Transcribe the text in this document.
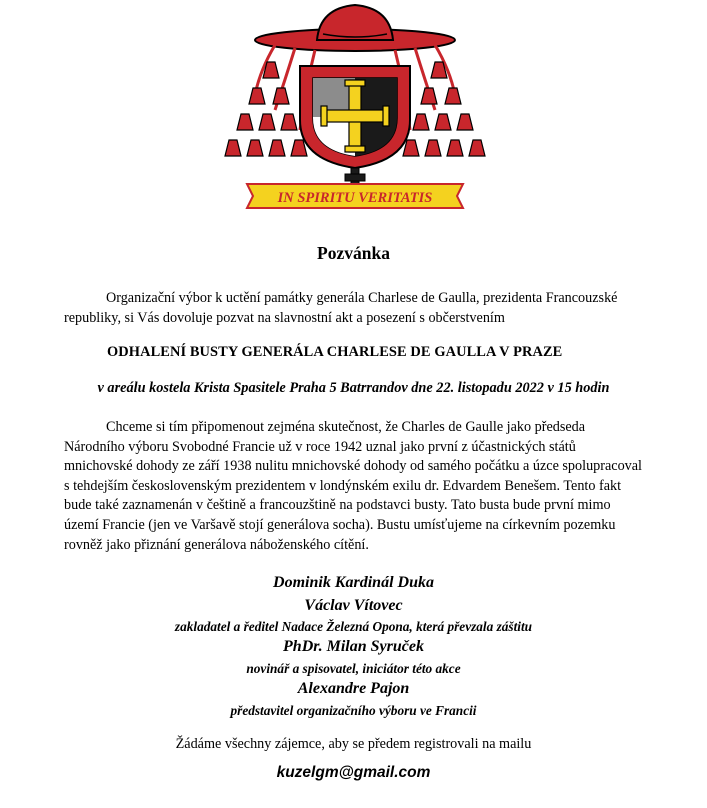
IN SPIRITU VERITATIS
Pozvánka
Organizační výbor k uctění památky generála Charlese de Gaulla, prezidenta Francouzské republiky, si Vás dovoluje pozvat na slavnostní akt a posezení s občerstvením
ODHALENÍ BUSTY GENERÁLA CHARLESE DE GAULLA V PRAZE
v areálu kostela Krista Spasitele Praha 5 Batrrandov dne 22. listopadu 2022 v 15 hodin
Chceme si tím připomenout zejména skutečnost, že Charles de Gaulle jako předseda Národního výboru Svobodné Francie už v roce 1942 uznal jako první z účastnických států mnichovské dohody ze září 1938 nulitu mnichovské dohody od samého počátku a úzce spolupracoval s tehdejším československým prezidentem v londýnském exilu dr. Edvardem Benešem. Tento fakt bude také zaznamenán v češtině a francouzštině na podstavci busty. Tato busta bude první mimo území Francie (jen ve Varšavě stojí generálova socha). Bustu umísťujeme na církevním pozemku rovněž jako přiznání generálova náboženského cítění.
Dominik Kardinál Duka
Václav Vítovec
zakladatel a ředitel Nadace Železná Opona, která převzala záštitu
PhDr. Milan Syruček
novinář a spisovatel, iniciátor této akce
Alexandre Pajon
představitel organizačního výboru ve Francii
Žádáme všechny zájemce, aby se předem registrovali na mailu
kuzelgm@gmail.com
